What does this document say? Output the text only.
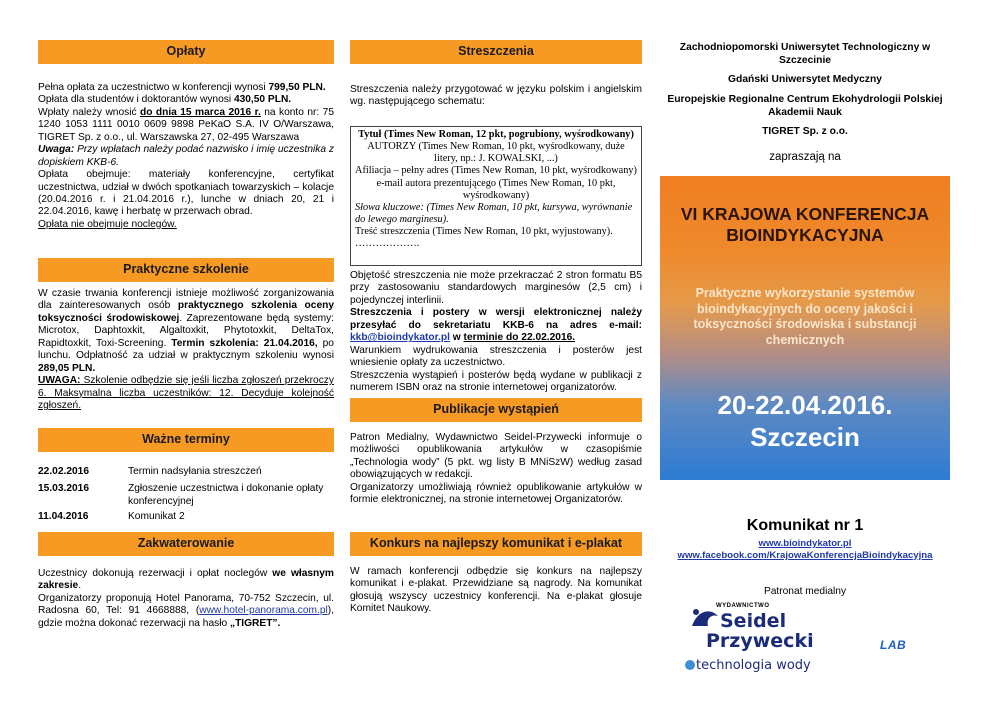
Opłaty

Pełna opłata za uczestnictwo w konferencji wynosi 799,50 PLN.

Opłata dla studentów i doktorantów wynosi 430,50 PLN.

Wpłaty należy wnosić do dnia 15 marca 2016 r. na konto nr: 75 1240 1053 1111 0010 0609 9898 PeKaO S.A. IV O/Warszawa, TIGRET Sp. z o.o., ul. Warszawska 27, 02-495 Warszawa

Uwaga: Przy wpłatach należy podać nazwisko i imię uczestnika z dopiskiem KKB-6.

Opłata obejmuje: materiały konferencyjne, certyfikat uczestnictwa, udział w dwóch spotkaniach towarzyskich – kolacje (20.04.2016 r. i 21.04.2016 r.), lunche w dniach 20, 21 i 22.04.2016, kawę i herbatę w przerwach obrad.

Opłata nie obejmuje noclegów.

Praktyczne szkolenie

W czasie trwania konferencji istnieje możliwość zorganizowania dla zainteresowanych osób praktycznego szkolenia oceny toksyczności środowiskowej. Zaprezentowane będą systemy: Microtox, Daphtoxkit, Algaltoxkit, Phytotoxkit, DeltaTox, Rapidtoxkit, Toxi-Screening. Termin szkolenia: 21.04.2016, po lunchu. Odpłatność za udział w praktycznym szkoleniu wynosi 289,05 PLN.

UWAGA: Szkolenie odbędzie się jeśli liczba zgłoszeń przekroczy 6. Maksymalna liczba uczestników: 12. Decyduje kolejność zgłoszeń.

Ważne terminy
22.02.2016	Termin nadsyłania streszczeń
15.03.2016	Zgłoszenie uczestnictwa i dokonanie opłaty konferencyjnej
11.04.2016	Komunikat 2
Zakwaterowanie

Uczestnicy dokonują rezerwacji i opłat noclegów we własnym zakresie.

Organizatorzy proponują Hotel Panorama, 70-752 Szczecin, ul. Radosna 60, Tel: 91 4668888, (www.hotel-panorama.com.pl), gdzie można dokonać rezerwacji na hasło „TIGRET”.

Streszczenia
Streszczenia należy przygotować w języku polskim i angielskim wg. następującego schematu:
Tytuł (Times New Roman, 12 pkt, pogrubiony, wyśrodkowany)
AUTORZY (Times New Roman, 10 pkt, wyśrodkowany, duże litery, np.: J. KOWALSKI, ...)
Afiliacja – pełny adres (Times New Roman, 10 pkt, wyśrodkowany)
e-mail autora prezentującego (Times New Roman, 10 pkt, wyśrodkowany)
Słowa kluczowe: (Times New Roman, 10 pkt, kursywa, wyrównanie do lewego marginesu).
Treść streszczenia (Times New Roman, 10 pkt, wyjustowany).
……………….

Objętość streszczenia nie może przekraczać 2 stron formatu B5 przy zastosowaniu standardowych marginesów (2,5 cm) i pojedynczej interlinii.

Streszczenia i postery w wersji elektronicznej należy przesyłać do sekretariatu KKB-6 na adres e-mail: kkb@bioindykator.pl w terminie do 22.02.2016.

Warunkiem wydrukowania streszczenia i posterów jest wniesienie opłaty za uczestnictwo.

Streszczenia wystąpień i posterów będą wydane w publikacji z numerem ISBN oraz na stronie internetowej organizatorów.

Publikacje wystąpień

Patron Medialny, Wydawnictwo Seidel-Przywecki informuje o możliwości opublikowania artykułów w czasopiśmie „Technologia wody” (5 pkt. wg listy B MNiSzW) według zasad obowiązujących w redakcji.

Organizatorzy umożliwiają również opublikowanie artykułów w formie elektronicznej, na stronie internetowej Organizatorów.

Konkurs na najlepszy komunikat i e-plakat
W ramach konferencji odbędzie się konkurs na najlepszy komunikat i e-plakat. Przewidziane są nagrody. Na komunikat głosują wszyscy uczestnicy konferencji. Na e-plakat głosuje Komitet Naukowy.
Zachodniopomorski Uniwersytet Technologiczny w Szczecinie
Gdański Uniwersytet Medyczny
Europejskie Regionalne Centrum Ekohydrologii Polskiej Akademii Nauk
TIGRET Sp. z o.o.
zapraszają na
VI KRAJOWA KONFERENCJA BIOINDYKACYJNA
Praktyczne wykorzystanie systemów bioindykacyjnych do oceny jakości i toksyczności środowiska i substancji chemicznych
20-22.04.2016. Szczecin
Komunikat nr 1
www.bioindykator.pl
www.facebook.com/KrajowaKonferencjaBioindykacyjna
Patronat medialny
WYDAWNICTWO
Seidel
Przywecki
technologia wody
LAB
